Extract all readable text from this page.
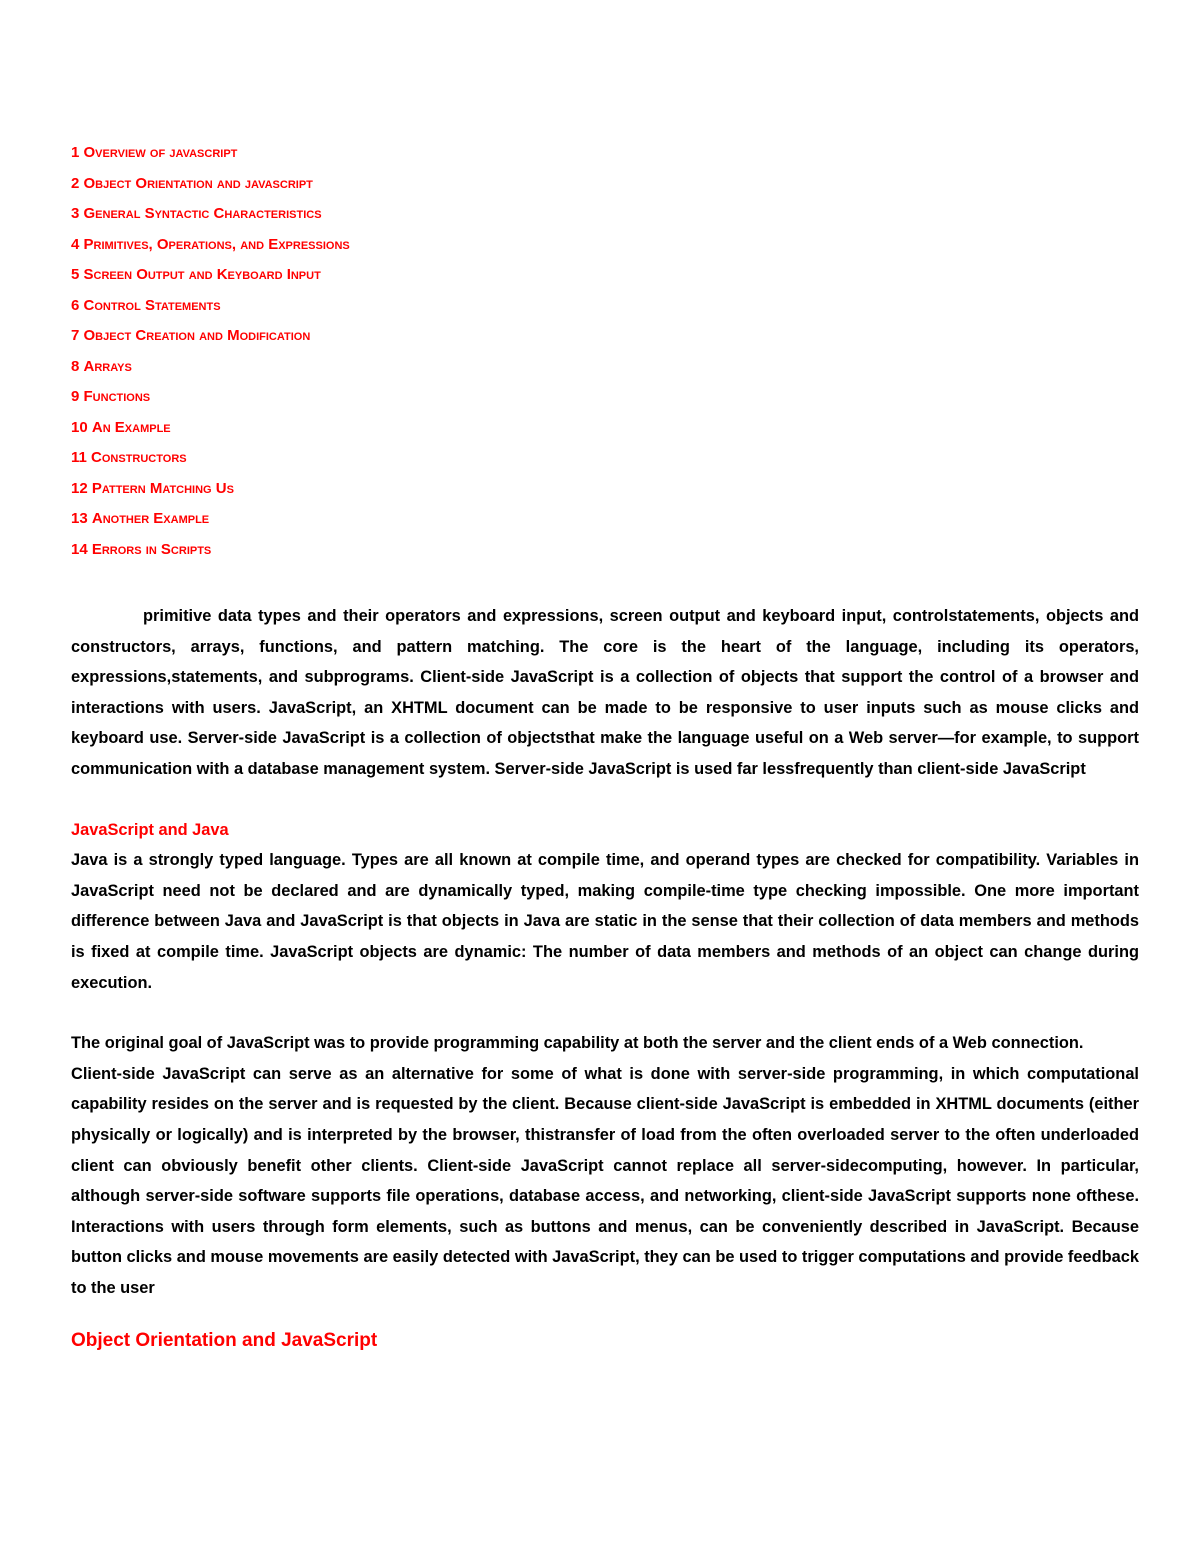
1 Overview of javascript
2 Object Orientation and javascript
3 General Syntactic Characteristics
4 Primitives, Operations, and Expressions
5 Screen Output and Keyboard Input
6 Control Statements
7 Object Creation and Modification
8 Arrays
9 Functions
10 An Example
11 Constructors
12 Pattern Matching Us
13 Another Example
14 Errors in Scripts

primitive data types and their operators and expressions, screen output and keyboard input, controlstatements, objects and constructors, arrays, functions, and pattern matching. The core is the heart of the language, including its operators, expressions,statements, and subprograms. Client-side JavaScript is a collection of objects that support the control of a browser and interactions with users. JavaScript, an XHTML document can be made to be responsive to user inputs such as mouse clicks and keyboard use. Server-side JavaScript is a collection of objectsthat make the language useful on a Web server—for example, to support communication with a database management system. Server-side JavaScript is used far lessfrequently than client-side JavaScript

JavaScript and Java

Java is a strongly typed language. Types are all known at compile time, and operand types are checked for compatibility. Variables in JavaScript need not be declared and are dynamically typed, making compile-time type checking impossible. One more important difference between Java and JavaScript is that objects in Java are static in the sense that their collection of data members and methods is fixed at compile time. JavaScript objects are dynamic: The number of data members and methods of an object can change during execution.

The original goal of JavaScript was to provide programming capability at both the server and the client ends of a Web connection.

Client-side JavaScript can serve as an alternative for some of what is done with server-side programming, in which computational capability resides on the server and is requested by the client. Because client-side JavaScript is embedded in XHTML documents (either physically or logically) and is interpreted by the browser, thistransfer of load from the often overloaded server to the often underloaded client can obviously benefit other clients. Client-side JavaScript cannot replace all server-sidecomputing, however. In particular, although server-side software supports file operations, database access, and networking, client-side JavaScript supports none ofthese. Interactions with users through form elements, such as buttons and menus, can be conveniently described in JavaScript. Because button clicks and mouse movements are easily detected with JavaScript, they can be used to trigger computations and provide feedback to the user

Object Orientation and JavaScript
